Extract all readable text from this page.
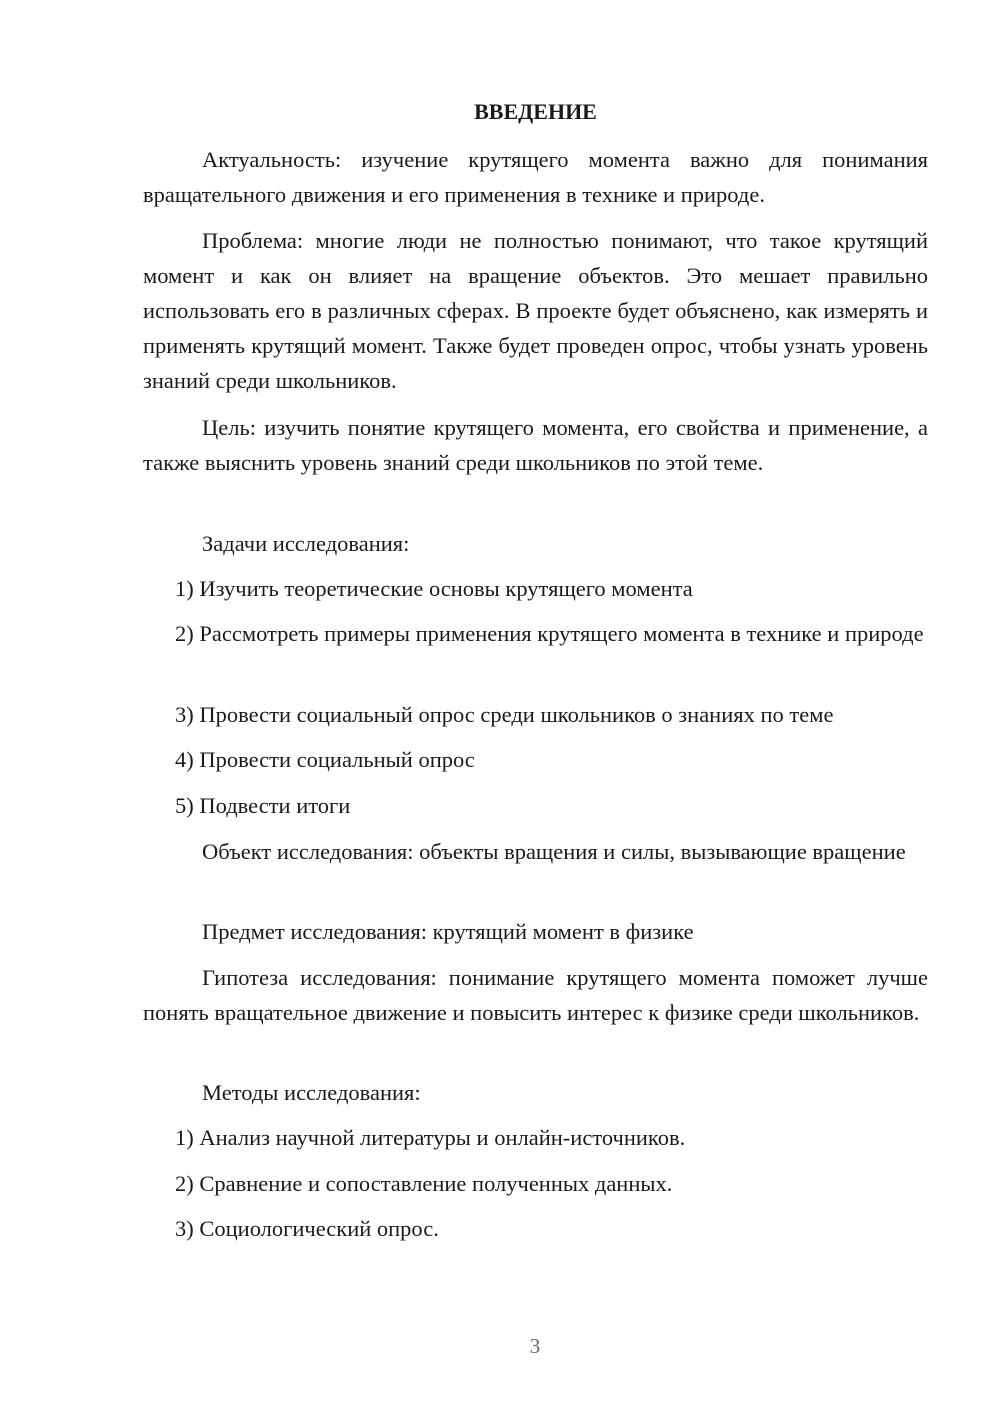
ВВЕДЕНИЕ

Актуальность: изучение крутящего момента важно для понимания вращательного движения и его применения в технике и природе.

Проблема: многие люди не полностью понимают, что такое крутящий момент и как он влияет на вращение объектов. Это мешает правильно использовать его в различных сферах. В проекте будет объяснено, как измерять и применять крутящий момент. Также будет проведен опрос, чтобы узнать уровень знаний среди школьников.

Цель: изучить понятие крутящего момента, его свойства и применение, а также выяснить уровень знаний среди школьников по этой теме.

Задачи исследования:

1) Изучить теоретические основы крутящего момента

2) Рассмотреть примеры применения крутящего момента в технике и природе

3) Провести социальный опрос среди школьников о знаниях по теме

4) Провести социальный опрос

5) Подвести итоги

Объект исследования: объекты вращения и силы, вызывающие вращение

Предмет исследования: крутящий момент в физике

Гипотеза исследования: понимание крутящего момента поможет лучше понять вращательное движение и повысить интерес к физике среди школьников.

Методы исследования:

1) Анализ научной литературы и онлайн-источников.

2) Сравнение и сопоставление полученных данных.

3) Социологический опрос.

3
